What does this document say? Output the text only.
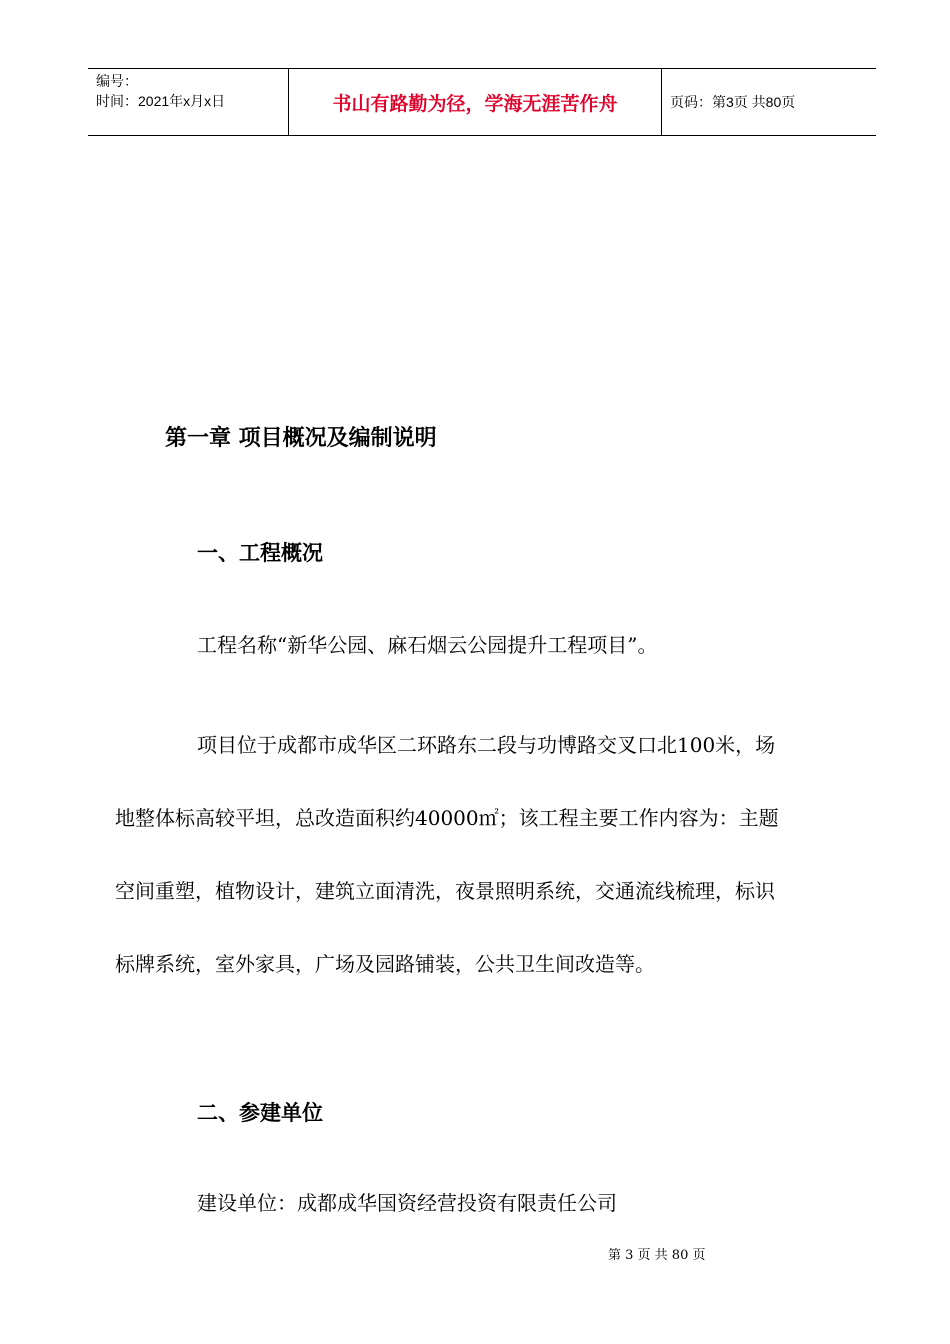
编号：
时间：2021年x月x日	书山有路勤为径，学海无涯苦作舟	页码：第3页 共80页
第一章 项目概况及编制说明
一、工程概况
工程名称“新华公园、麻石烟云公园提升工程项目”。
项目位于成都市成华区二环路东二段与功博路交叉口北100米，场
地整体标高较平坦，总改造面积约40000㎡；该工程主要工作内容为：主题
空间重塑，植物设计，建筑立面清洗，夜景照明系统，交通流线梳理，标识
标牌系统，室外家具，广场及园路铺装，公共卫生间改造等。
二、参建单位
建设单位：成都成华国资经营投资有限责任公司
第 3 页 共 80 页
